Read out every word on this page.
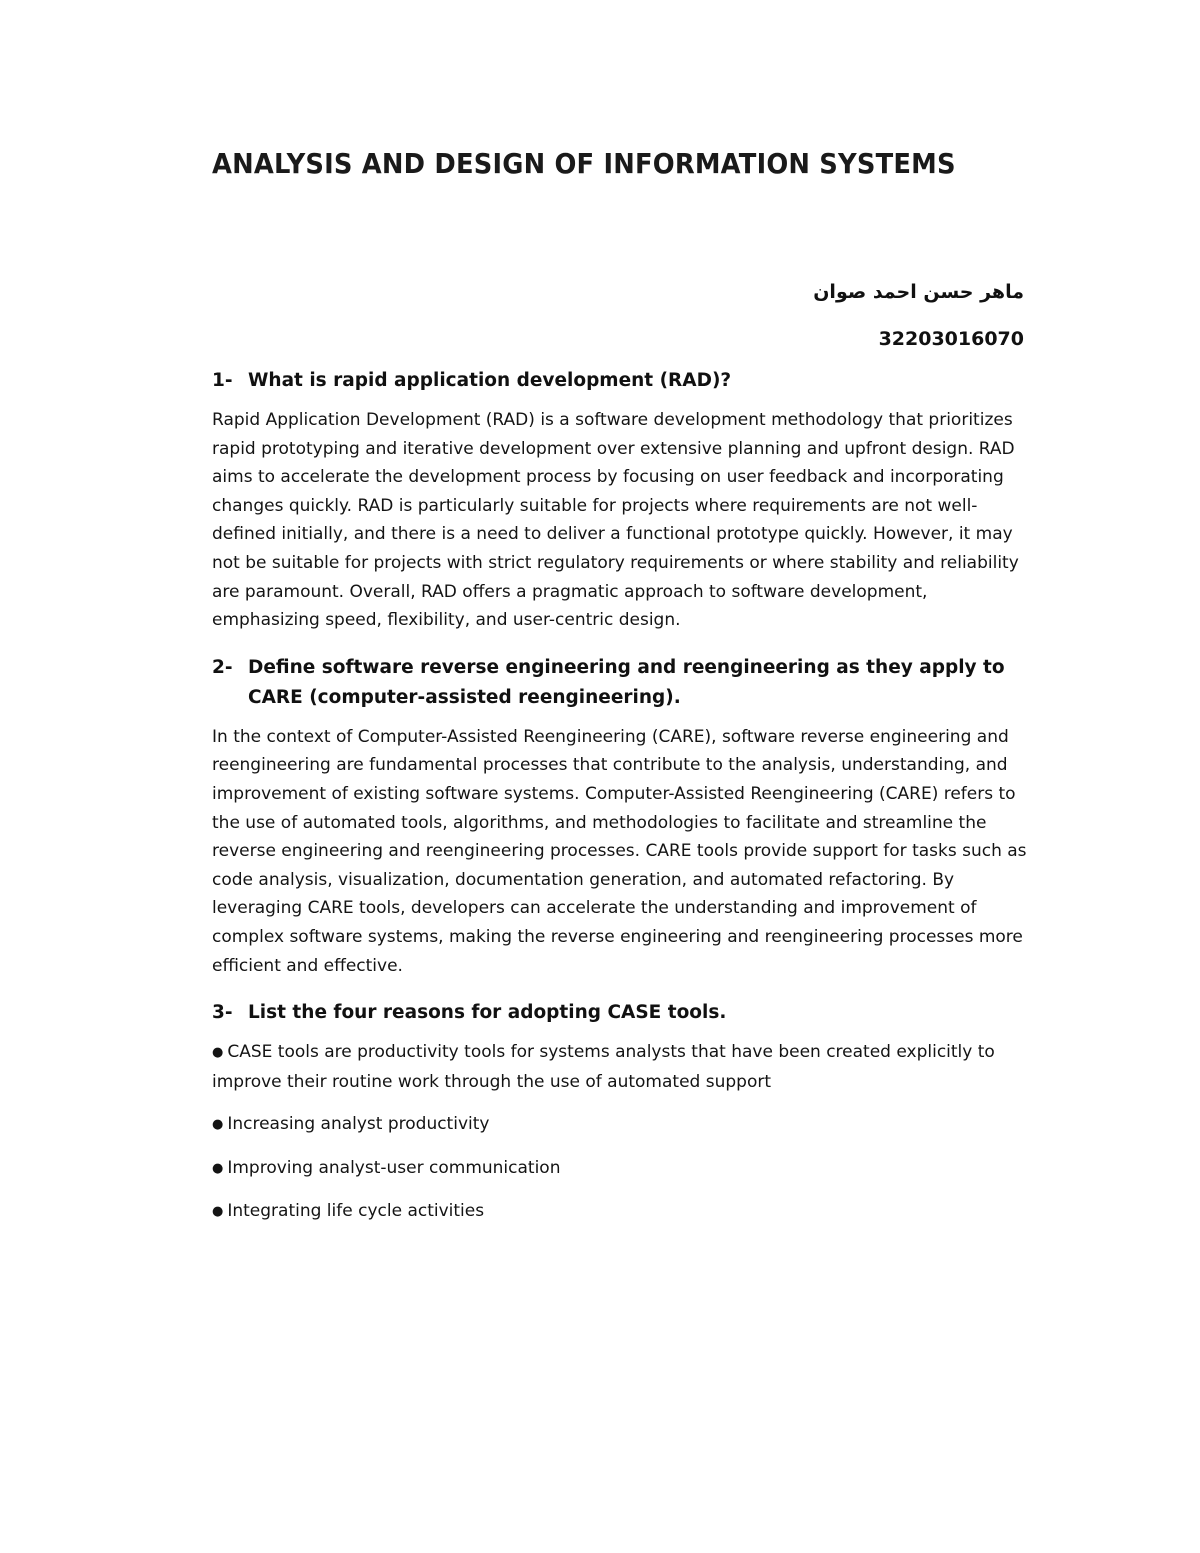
ANALYSIS AND DESIGN OF INFORMATION SYSTEMS
ماهر حسن احمد صوان
32203016070
1- What is rapid application development (RAD)?

Rapid Application Development (RAD) is a software development methodology that prioritizes rapid prototyping and iterative development over extensive planning and upfront design. RAD aims to accelerate the development process by focusing on user feedback and incorporating changes quickly. RAD is particularly suitable for projects where requirements are not well-defined initially, and there is a need to deliver a functional prototype quickly. However, it may not be suitable for projects with strict regulatory requirements or where stability and reliability are paramount. Overall, RAD offers a pragmatic approach to software development, emphasizing speed, flexibility, and user-centric design.

2- Define software reverse engineering and reengineering as they apply to CARE (computer-assisted reengineering).

In the context of Computer-Assisted Reengineering (CARE), software reverse engineering and reengineering are fundamental processes that contribute to the analysis, understanding, and improvement of existing software systems. Computer-Assisted Reengineering (CARE) refers to the use of automated tools, algorithms, and methodologies to facilitate and streamline the reverse engineering and reengineering processes. CARE tools provide support for tasks such as code analysis, visualization, documentation generation, and automated refactoring. By leveraging CARE tools, developers can accelerate the understanding and improvement of complex software systems, making the reverse engineering and reengineering processes more efficient and effective.

3- List the four reasons for adopting CASE tools.
● CASE tools are productivity tools for systems analysts that have been created explicitly to improve their routine work through the use of automated support
● Increasing analyst productivity
● Improving analyst-user communication
● Integrating life cycle activities
